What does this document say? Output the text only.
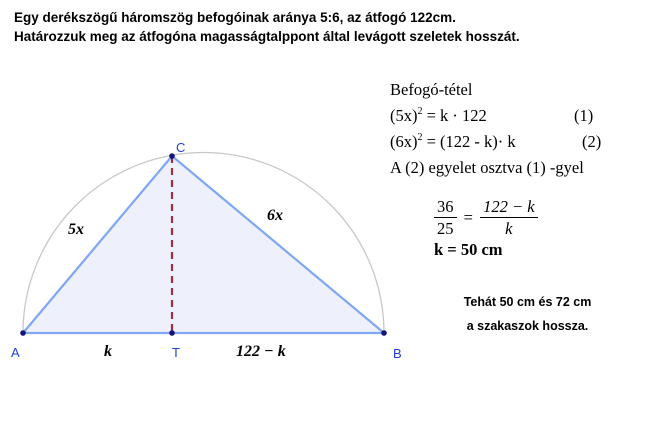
Egy derékszögű háromszög befogóinak aránya 5:6, az átfogó 122cm.
Határozzuk meg az átfogóna magasságtalppont által levágott szeletek hosszát.
A
C
T	B
5x
6x
k	122 − k
Befogó-tétel
$(5x)^2 = k \cdot 122$	(1)
$(6x)^2 = (122 - k)\cdot k$	(2)
A (2) egyelet osztva (1) -gyel
$\frac{36}{25} = \frac{122 - k}{k}$
k = 50 cm
Tehát 50 cm és 72 cm
a szakaszok hossza.
